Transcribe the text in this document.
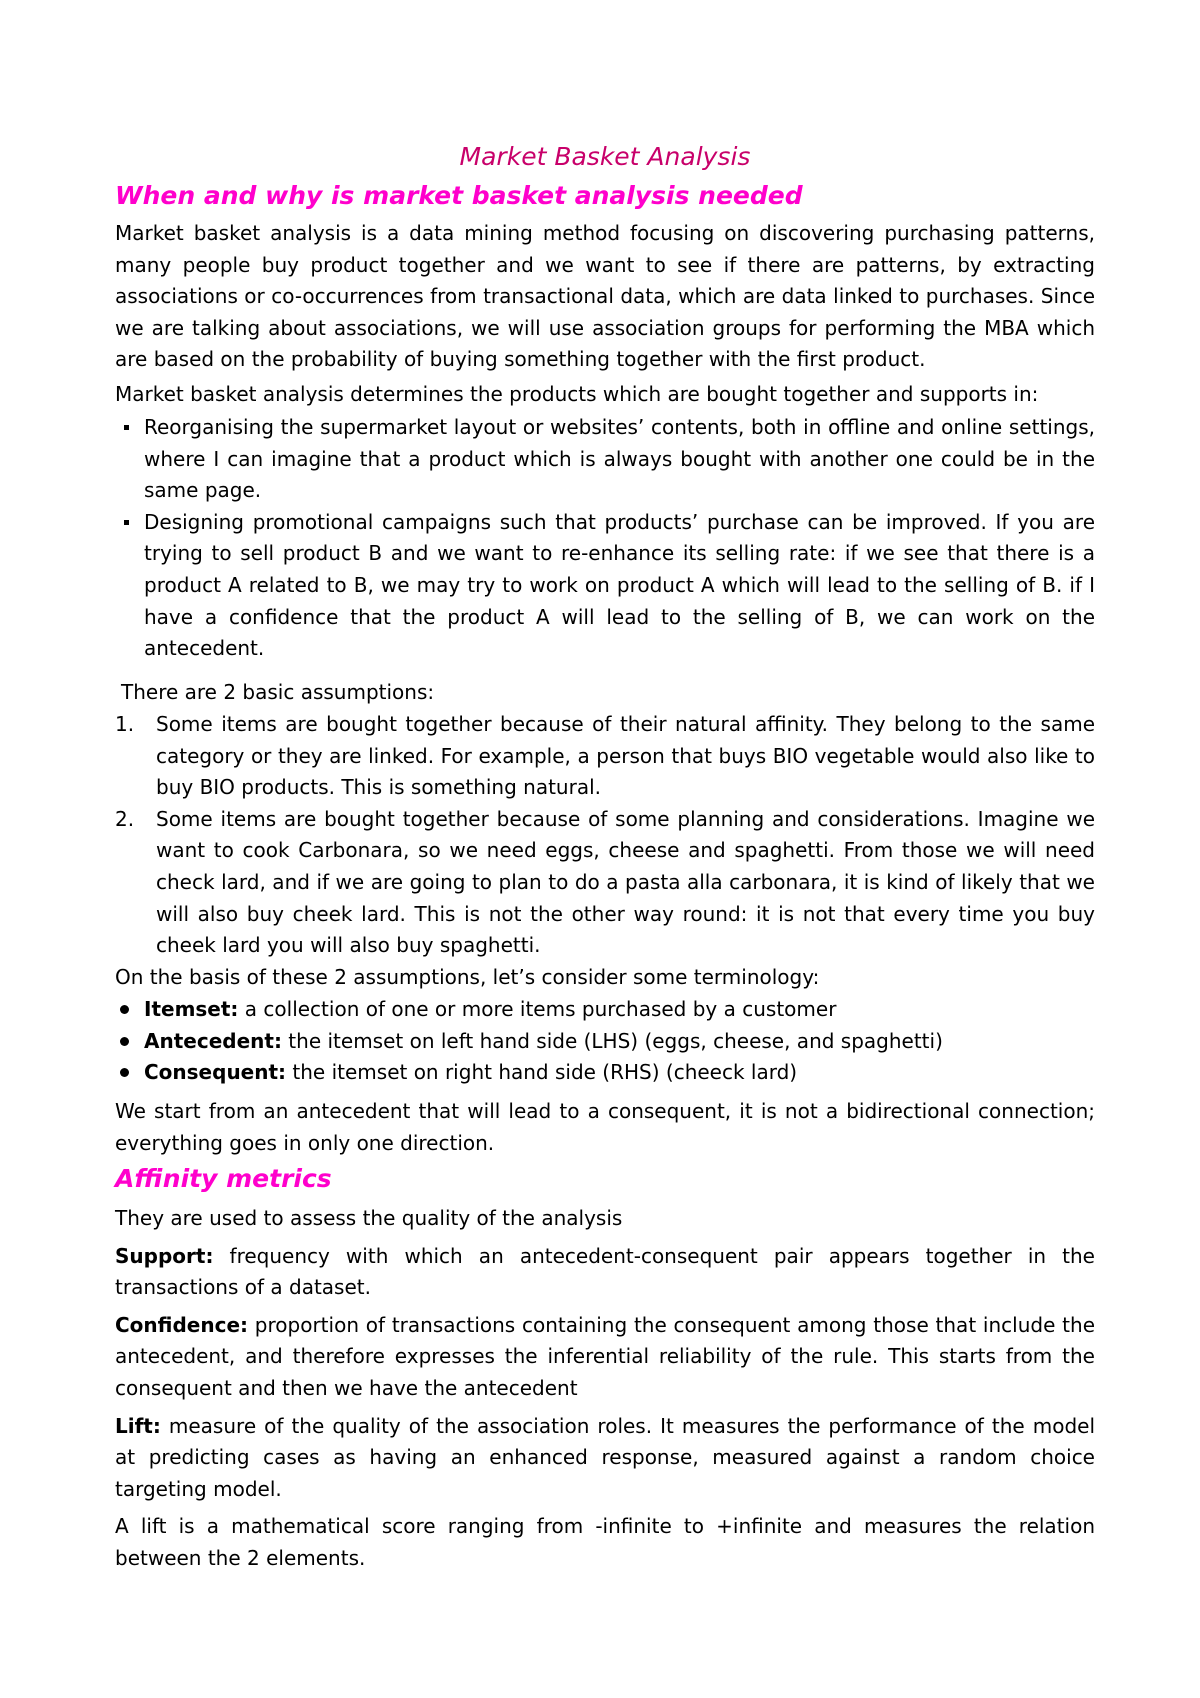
Market Basket Analysis
When and why is market basket analysis needed

Market basket analysis is a data mining method focusing on discovering purchasing patterns, many people buy product together and we want to see if there are patterns, by extracting associations or co-occurrences from transactional data, which are data linked to purchases. Since we are talking about associations, we will use association groups for performing the MBA which are based on the probability of buying something together with the first product.

Market basket analysis determines the products which are bought together and supports in:

Reorganising the supermarket layout or websites’ contents, both in offline and online settings, where I can imagine that a product which is always bought with another one could be in the same page.
Designing promotional campaigns such that products’ purchase can be improved. If you are trying to sell product B and we want to re-enhance its selling rate: if we see that there is a product A related to B, we may try to work on product A which will lead to the selling of B. if I have a confidence that the product A will lead to the selling of B, we can work on the antecedent.

There are 2 basic assumptions:

1. Some items are bought together because of their natural affinity. They belong to the same category or they are linked. For example, a person that buys BIO vegetable would also like to buy BIO products. This is something natural.
2. Some items are bought together because of some planning and considerations. Imagine we want to cook Carbonara, so we need eggs, cheese and spaghetti. From those we will need check lard, and if we are going to plan to do a pasta alla carbonara, it is kind of likely that we will also buy cheek lard. This is not the other way round: it is not that every time you buy cheek lard you will also buy spaghetti.

On the basis of these 2 assumptions, let’s consider some terminology:

Itemset: a collection of one or more items purchased by a customer
Antecedent: the itemset on left hand side (LHS) (eggs, cheese, and spaghetti)
Consequent: the itemset on right hand side (RHS) (cheeck lard)

We start from an antecedent that will lead to a consequent, it is not a bidirectional connection; everything goes in only one direction.

Affinity metrics

They are used to assess the quality of the analysis

Support: frequency with which an antecedent-consequent pair appears together in the transactions of a dataset.

Confidence: proportion of transactions containing the consequent among those that include the antecedent, and therefore expresses the inferential reliability of the rule. This starts from the consequent and then we have the antecedent

Lift: measure of the quality of the association roles. It measures the performance of the model at predicting cases as having an enhanced response, measured against a random choice targeting model.

A lift is a mathematical score ranging from -infinite to +infinite and measures the relation between the 2 elements.
